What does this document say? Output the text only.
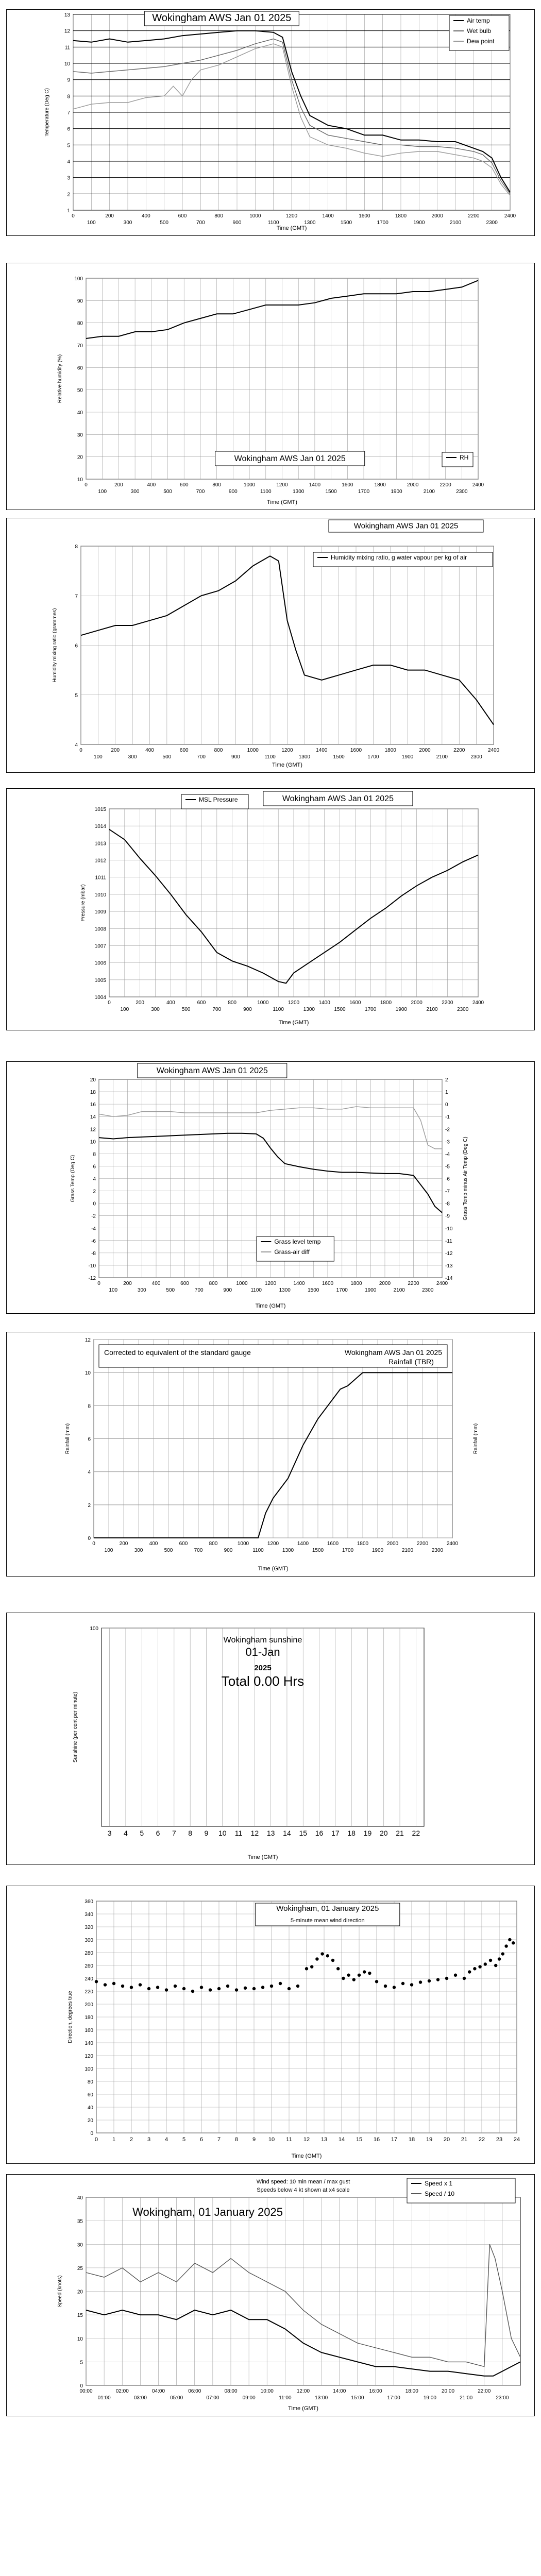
0	200	400	600	800	1000	1200	1400	1600	1800	2000	2200	2400
100	300	500	700	900	1100	1300	1500	1700	1900	2100	2300
1
2
3
4
5
6
7
8
9
10
11
12
13
Time (GMT)
Temperature (Deg C)
Wokingham AWS Jan 01 2025	Air temp
Wet bulb
Dew point
0	200	400	600	800	1000	1200	1400	1600	1800	2000	2200	2400
100	300	500	700	900	1100	1300	1500	1700	1900	2100	2300
10
20
30
40
50
60
70
80
90
100
Time (GMT)
Relative humidity (%)
Wokingham AWS Jan 01 2025	RH
0	200	400	600	800	1000	1200	1400	1600	1800	2000	2200	2400
100	300	500	700	900	1100	1300	1500	1700	1900	2100	2300
4
5
6
7
8
Time (GMT)
Humidity mixing ratio (grammes)
Wokingham AWS Jan 01 2025
Humidity mixing ratio, g water vapour per kg of air
0	200	400	600	800	1000	1200	1400	1600	1800	2000	2200	2400
100	300	500	700	900	1100	1300	1500	1700	1900	2100	2300
1004
1005
1006
1007
1008
1009
1010
1011
1012
1013
1014
1015
Time (GMT)
Pressure (mbar)
MSL Pressure	Wokingham AWS Jan 01 2025
0	200	400	600	800	1000	1200	1400	1600	1800	2000	2200	2400
100	300	500	700	900	1100	1300	1500	1700	1900	2100	2300
-12
-10
-8
-6
-4
-2
0
2
4
6
8
10
12
14
16
18
20
-14
-13
-12
-11
-10
-9
-8
-7
-6
-5
-4
-3
-2
-1
0
1
2
Time (GMT)
Grass Temp (Deg C)	Grass Temp minus Air Temp (Deg C)
Wokingham AWS Jan 01 2025
Grass level temp
Grass-air diff
0	200	400	600	800	1000	1200	1400	1600	1800	2000	2200	2400
100	300	500	700	900	1100	1300	1500	1700	1900	2100	2300
0
2
4
6
8
10
12
Time (GMT)
Rainfall (mm)	Rainfall (mm)
Corrected to equivalent of the standard gauge	Wokingham AWS Jan 01 2025
Rainfall (TBR)
3 4 5 6 7 8 9 10 11 12 13 14 15 16 17 18 19 20 21 22
100
Time (GMT)
Sunshine (per cent per minute)
Wokingham sunshine
01-Jan
2025
Total 0.00 Hrs
0	1	2	3	4	5	6	7	8	9 10 11 12 13 14 15 16 17 18 19 20 21 22 23 24
0
20
40
60
80
100
120
140
160
180
200
220
240
260
280
300
320
340
360
Time (GMT)
Direction, degrees true
Wokingham, 01 January 2025
5-minute mean wind direction
00:00	02:00	04:00	06:00	08:00	10:00	12:00	14:00	16:00	18:00	20:00	22:00
01:00	03:00	05:00	07:00	09:00	11:00	13:00	15:00	17:00	19:00	21:00	23:00
0
5
10
15
20
25
30
35
40
Time (GMT)
Speed (knots)
Wind speed: 10 min mean / max gust
Speeds below 4 kt shown at x4 scale
Wokingham, 01 January 2025
Speed x 1
Speed / 10
